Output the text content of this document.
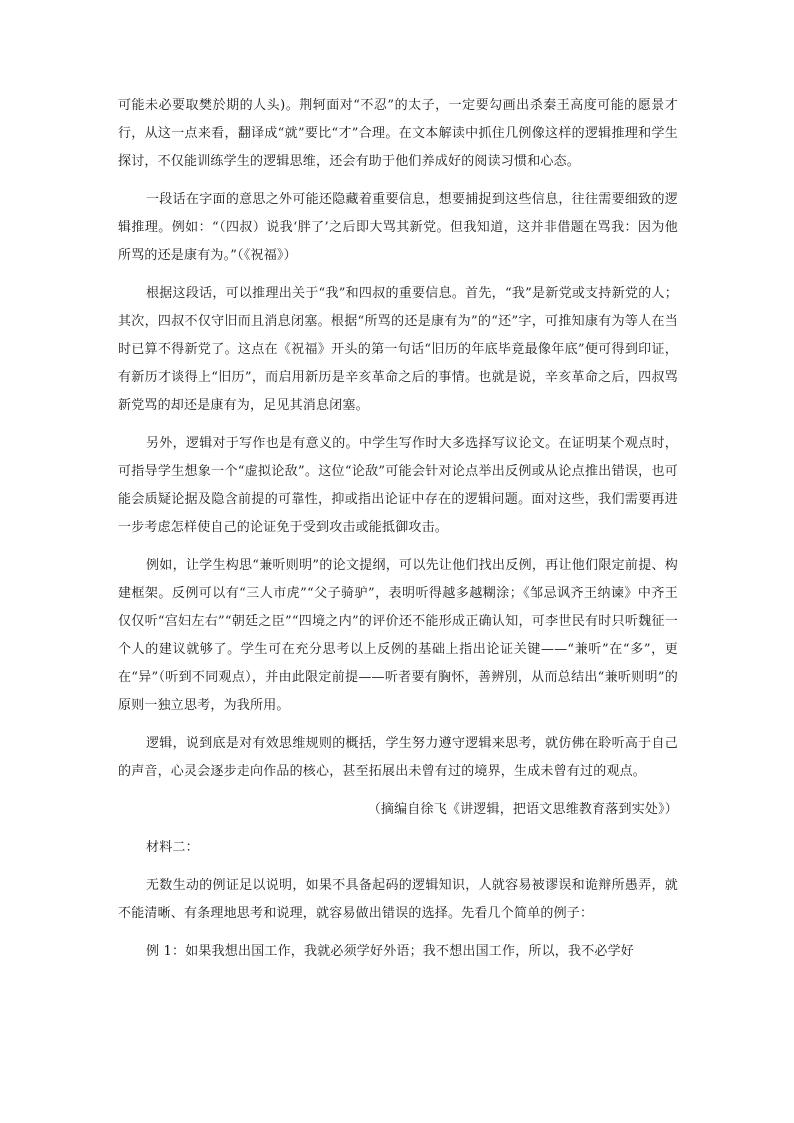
可能未必要取樊於期的人头)。荆轲面对“不忍”的太子，一定要勾画出杀秦王高度可能的愿景才行，从这一点来看，翻译成“就”要比“才”合理。在文本解读中抓住几例像这样的逻辑推理和学生探讨，不仅能训练学生的逻辑思维，还会有助于他们养成好的阅读习惯和心态。

一段话在字面的意思之外可能还隐藏着重要信息，想要捕捉到这些信息，往往需要细致的逻辑推理。例如：“（四叔）说我‘胖了’之后即大骂其新党。但我知道，这并非借题在骂我：因为他所骂的还是康有为。”（《祝福》）

根据这段话，可以推理出关于“我”和四叔的重要信息。首先，“我”是新党或支持新党的人；其次，四叔不仅守旧而且消息闭塞。根据“所骂的还是康有为”的“还”字，可推知康有为等人在当时已算不得新党了。这点在《祝福》开头的第一句话“旧历的年底毕竟最像年底”便可得到印证，有新历才谈得上“旧历”，而启用新历是辛亥革命之后的事情。也就是说，辛亥革命之后，四叔骂新党骂的却还是康有为，足见其消息闭塞。

另外，逻辑对于写作也是有意义的。中学生写作时大多选择写议论文。在证明某个观点时，可指导学生想象一个“虚拟论敌”。这位“论敌”可能会针对论点举出反例或从论点推出错误，也可能会质疑论据及隐含前提的可靠性，抑或指出论证中存在的逻辑问题。面对这些，我们需要再进一步考虑怎样使自己的论证免于受到攻击或能抵御攻击。

例如，让学生构思“兼听则明”的论文提纲，可以先让他们找出反例，再让他们限定前提、构建框架。反例可以有“三人市虎”“父子骑驴”，表明听得越多越糊涂；《邹忌讽齐王纳谏》中齐王仅仅听“宫妇左右”“朝廷之臣”“四境之内”的评价还不能形成正确认知，可李世民有时只听魏征一个人的建议就够了。学生可在充分思考以上反例的基础上指出论证关键——“兼听”在“多”，更在“异”（听到不同观点），并由此限定前提——听者要有胸怀，善辨別，从而总结出“兼听则明”的原则一独立思考，为我所用。

逻辑，说到底是对有效思维规则的概括，学生努力遵守逻辑来思考，就仿佛在聆听高于自己的声音，心灵会逐步走向作品的核心，甚至拓展出未曾有过的境界，生成未曾有过的观点。

（摘编自徐飞《讲逻辑，把语文思维教育落到实处》）

材料二：

无数生动的例证足以说明，如果不具备起码的逻辑知识，人就容易被谬误和诡辩所愚弄，就不能清晰、有条理地思考和说理，就容易做出错误的选择。先看几个简单的例子：

例 1：如果我想出国工作，我就必须学好外语；我不想出国工作，所以，我不必学好
